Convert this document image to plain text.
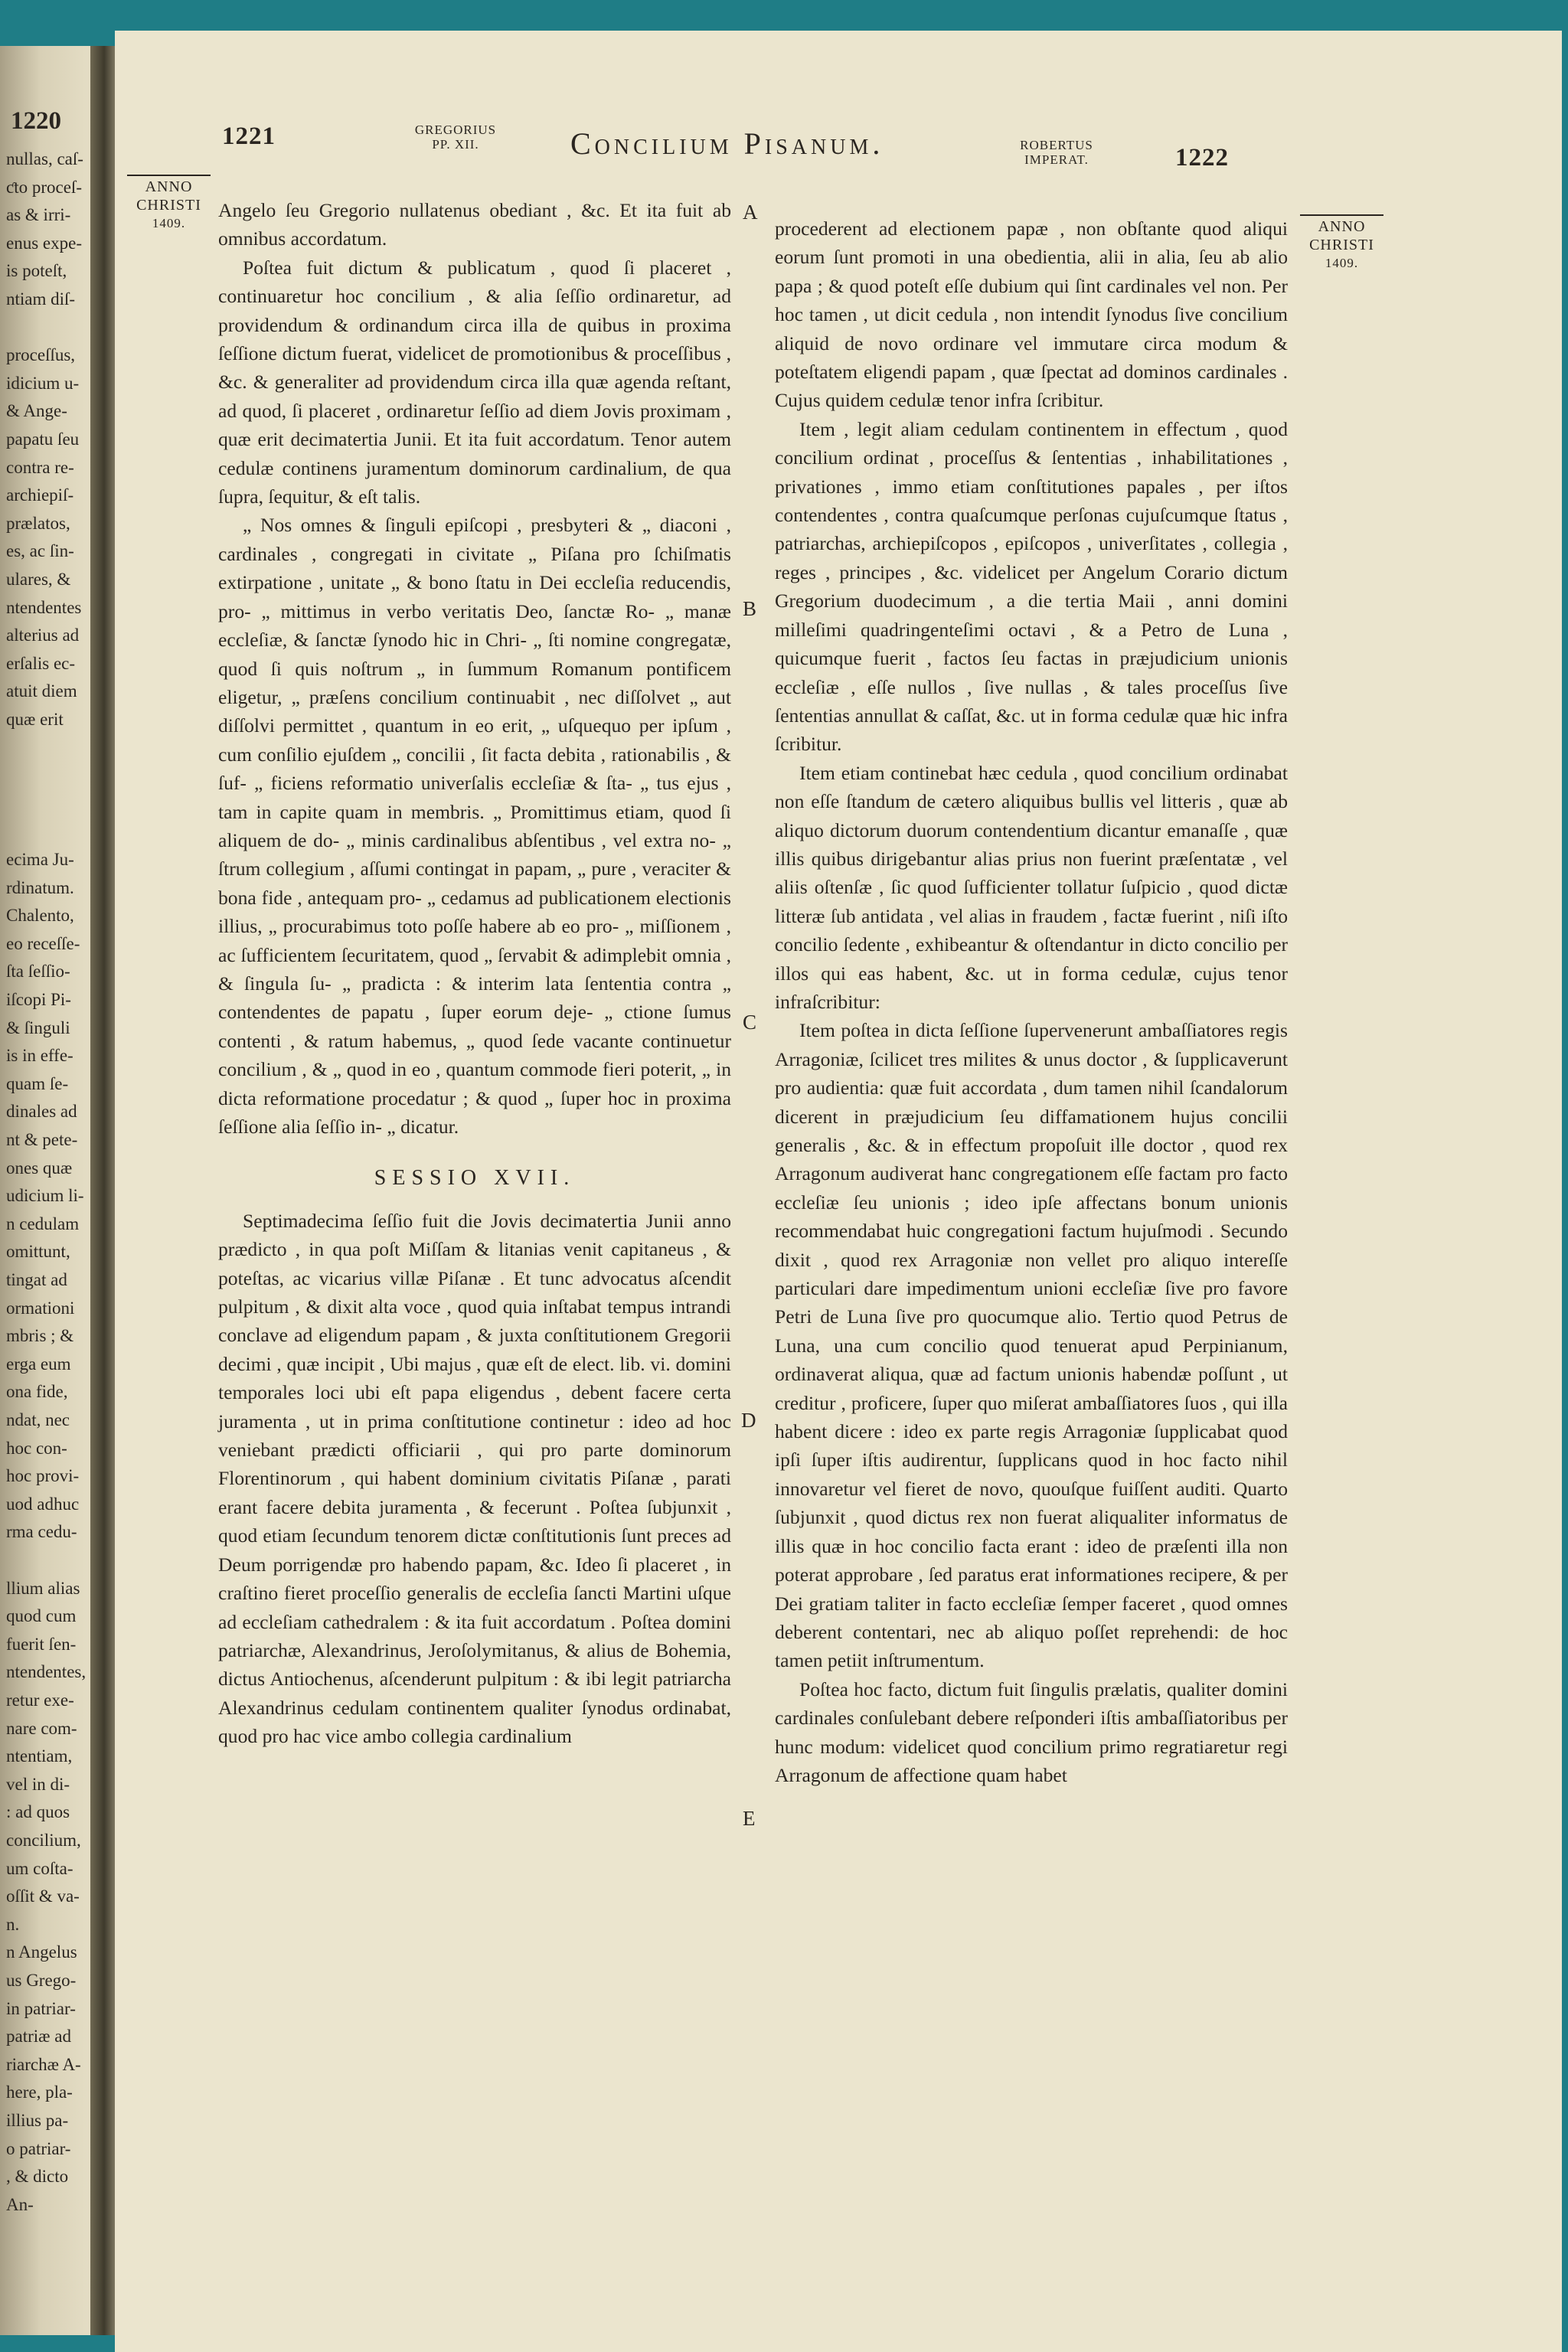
1220
nullas, caſ-
ƈto proceſ-
as & irri-
enus expe-
is poteſt,
ntiam diſ-
proceſſus,
idicium u-
& Ange-
papatu ſeu
contra re-
archiepiſ-
prælatos,
es, ac ſin-
ulares, &
ntendentes
alterius ad
erſalis ec-
atuit diem
quæ erit
ecima Ju-
rdinatum.
Chalento,
eo receſſe-
ſta ſeſſio-
iſcopi Pi-
& ſinguli
is in effe-
quam ſe-
dinales ad
nt & pete-
ones quæ
udicium li-
n cedulam
omittunt,
tingat ad
ormationi
mbris ; &
erga eum
ona fide,
ndat, nec
hoc con-
hoc provi-
uod adhuc
rma cedu-
llium alias
quod cum
fuerit ſen-
ntendentes,
retur exe-
nare com-
ntentiam,
vel in di-
: ad quos
concilium,
um coſta-
oſſit & va-
n.
n Angelus
us Grego-
in patriar-
patriæ ad
riarchæ A-
here, pla-
illius pa-
o patriar-
, & dicto
An-
1221	GREGORIUS
PP. XII.	Concilium Pisanum.	ROBERTUS
IMPERAT.	1222
ANNO
CHRISTI
1409.	ANNO
CHRISTI
1409.
A
B
C
D
E

Angelo ſeu Gregorio nullatenus obediant , &c. Et ita fuit ab omnibus accordatum.

Poſtea fuit dictum & publicatum , quod ſi placeret , continuaretur hoc concilium , & alia ſeſſio ordinaretur, ad providendum & ordinandum circa illa de quibus in proxima ſeſſione dictum fuerat, videlicet de promotionibus & proceſſibus , &c. & generaliter ad providendum circa illa quæ agenda reſtant, ad quod, ſi placeret , ordinaretur ſeſſio ad diem Jovis proximam , quæ erit decimatertia Junii. Et ita fuit accordatum. Tenor autem cedulæ continens juramentum dominorum cardinalium, de qua ſupra, ſequitur, & eſt talis.

„ Nos omnes & ſinguli epiſcopi , presbyteri & „ diaconi , cardinales , congregati in civitate „ Piſana pro ſchiſmatis extirpatione , unitate „ & bono ſtatu in Dei eccleſia reducendis, pro- „ mittimus in verbo veritatis Deo, ſanctæ Ro- „ manæ eccleſiæ, & ſanctæ ſynodo hic in Chri- „ ſti nomine congregatæ, quod ſi quis noſtrum „ in ſummum Romanum pontificem eligetur, „ præſens concilium continuabit , nec diſſolvet „ aut diſſolvi permittet , quantum in eo erit, „ uſquequo per ipſum , cum conſilio ejuſdem „ concilii , ſit facta debita , rationabilis , & ſuf- „ ficiens reformatio univerſalis eccleſiæ & ſta- „ tus ejus , tam in capite quam in membris. „ Promittimus etiam, quod ſi aliquem de do- „ minis cardinalibus abſentibus , vel extra no- „ ſtrum collegium , aſſumi contingat in papam, „ pure , veraciter & bona fide , antequam pro- „ cedamus ad publicationem electionis illius, „ procurabimus toto poſſe habere ab eo pro- „ miſſionem , ac ſufficientem ſecuritatem, quod „ ſervabit & adimplebit omnia , & ſingula ſu- „ pradicta : & interim lata ſententia contra „ contendentes de papatu , ſuper eorum deje- „ ctione ſumus contenti , & ratum habemus, „ quod ſede vacante continuetur concilium , & „ quod in eo , quantum commode fieri poterit, „ in dicta reformatione procedatur ; & quod „ ſuper hoc in proxima ſeſſione alia ſeſſio in- „ dicatur.

SESSIO XVII.

Septimadecima ſeſſio fuit die Jovis decimatertia Junii anno prædicto , in qua poſt Miſſam & litanias venit capitaneus , & poteſtas, ac vicarius villæ Piſanæ . Et tunc advocatus aſcendit pulpitum , & dixit alta voce , quod quia inſtabat tempus intrandi conclave ad eligendum papam , & juxta conſtitutionem Gregorii decimi , quæ incipit , Ubi majus , quæ eſt de elect. lib. vi. domini temporales loci ubi eſt papa eligendus , debent facere certa juramenta , ut in prima conſtitutione continetur : ideo ad hoc veniebant prædicti officiarii , qui pro parte dominorum Florentinorum , qui habent dominium civitatis Piſanæ , parati erant facere debita juramenta , & fecerunt . Poſtea ſubjunxit , quod etiam ſecundum tenorem dictæ conſtitutionis ſunt preces ad Deum porrigendæ pro habendo papam, &c. Ideo ſi placeret , in craſtino fieret proceſſio generalis de eccleſia ſancti Martini uſque ad eccleſiam cathedralem : & ita fuit accordatum . Poſtea domini patriarchæ, Alexandrinus, Jeroſolymitanus, & alius de Bohemia, dictus Antiochenus, aſcenderunt pulpitum : & ibi legit patriarcha Alexandrinus cedulam continentem qualiter ſynodus ordinabat, quod pro hac vice ambo collegia cardinalium

procederent ad electionem papæ , non obſtante quod aliqui eorum ſunt promoti in una obedientia, alii in alia, ſeu ab alio papa ; & quod poteſt eſſe dubium qui ſint cardinales vel non. Per hoc tamen , ut dicit cedula , non intendit ſynodus ſive concilium aliquid de novo ordinare vel immutare circa modum & poteſtatem eligendi papam , quæ ſpectat ad dominos cardinales . Cujus quidem cedulæ tenor infra ſcribitur.

Item , legit aliam cedulam continentem in effectum , quod concilium ordinat , proceſſus & ſententias , inhabilitationes , privationes , immo etiam conſtitutiones papales , per iſtos contendentes , contra quaſcumque perſonas cujuſcumque ſtatus , patriarchas, archiepiſcopos , epiſcopos , univerſitates , collegia , reges , principes , &c. videlicet per Angelum Corario dictum Gregorium duodecimum , a die tertia Maii , anni domini milleſimi quadringenteſimi octavi , & a Petro de Luna , quicumque fuerit , factos ſeu factas in præjudicium unionis eccleſiæ , eſſe nullos , ſive nullas , & tales proceſſus ſive ſententias annullat & caſſat, &c. ut in forma cedulæ quæ hic infra ſcribitur.

Item etiam continebat hæc cedula , quod concilium ordinabat non eſſe ſtandum de cætero aliquibus bullis vel litteris , quæ ab aliquo dictorum duorum contendentium dicantur emanaſſe , quæ illis quibus dirigebantur alias prius non fuerint præſentatæ , vel aliis oſtenſæ , ſic quod ſufficienter tollatur ſuſpicio , quod dictæ litteræ ſub antidata , vel alias in fraudem , factæ fuerint , niſi iſto concilio ſedente , exhibeantur & oſtendantur in dicto concilio per illos qui eas habent, &c. ut in forma cedulæ, cujus tenor infraſcribitur:

Item poſtea in dicta ſeſſione ſupervenerunt ambaſſiatores regis Arragoniæ, ſcilicet tres milites & unus doctor , & ſupplicaverunt pro audientia: quæ fuit accordata , dum tamen nihil ſcandalorum dicerent in præjudicium ſeu diffamationem hujus concilii generalis , &c. & in effectum propoſuit ille doctor , quod rex Arragonum audiverat hanc congregationem eſſe factam pro facto eccleſiæ ſeu unionis ; ideo ipſe affectans bonum unionis recommendabat huic congregationi factum hujuſmodi . Secundo dixit , quod rex Arragoniæ non vellet pro aliquo intereſſe particulari dare impedimentum unioni eccleſiæ ſive pro favore Petri de Luna ſive pro quocumque alio. Tertio quod Petrus de Luna, una cum concilio quod tenuerat apud Perpinianum, ordinaverat aliqua, quæ ad factum unionis habendæ poſſunt , ut creditur , proficere, ſuper quo miſerat ambaſſiatores ſuos , qui illa habent dicere : ideo ex parte regis Arragoniæ ſupplicabat quod ipſi ſuper iſtis audirentur, ſupplicans quod in hoc facto nihil innovaretur vel fieret de novo, quouſque fuiſſent auditi. Quarto ſubjunxit , quod dictus rex non fuerat aliqualiter informatus de illis quæ in hoc concilio facta erant : ideo de præſenti illa non poterat approbare , ſed paratus erat informationes recipere, & per Dei gratiam taliter in facto eccleſiæ ſemper faceret , quod omnes deberent contentari, nec ab aliquo poſſet reprehendi: de hoc tamen petiit inſtrumentum.

Poſtea hoc facto, dictum fuit ſingulis prælatis, qualiter domini cardinales conſulebant debere reſponderi iſtis ambaſſiatoribus per hunc modum: videlicet quod concilium primo regratiaretur regi Arragonum de affectione quam habet
